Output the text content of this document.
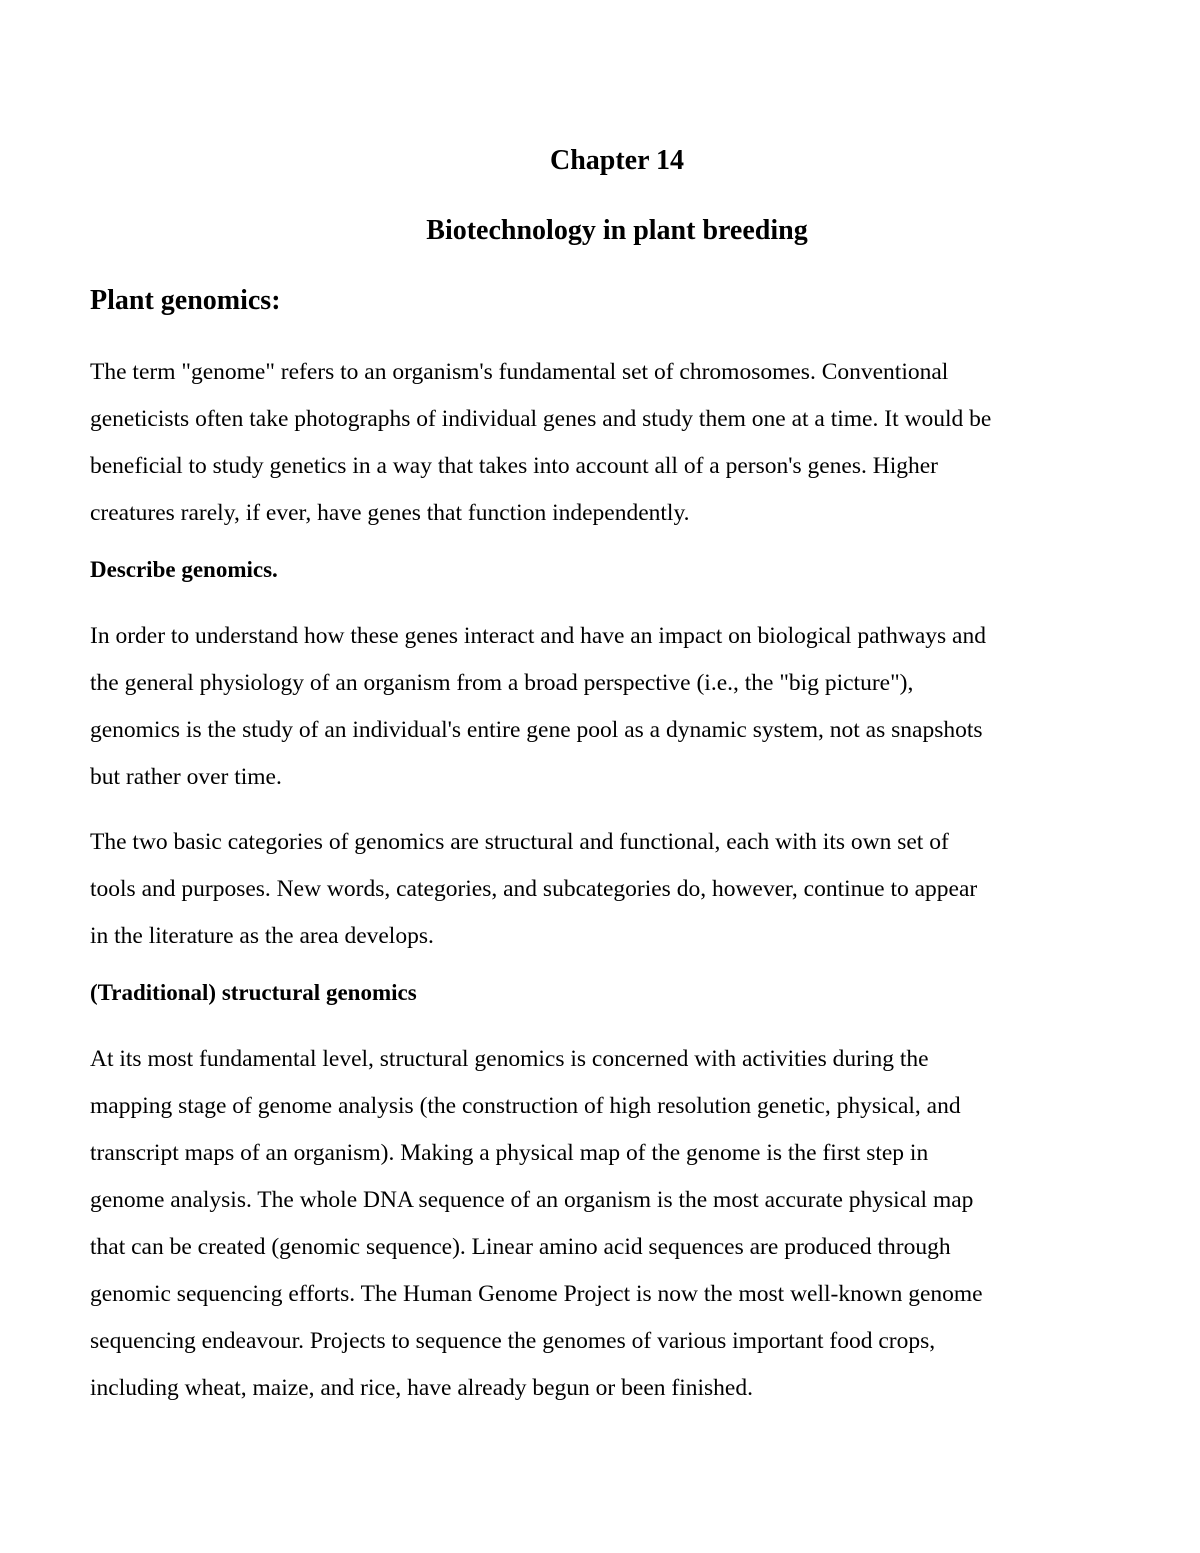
Chapter 14
Biotechnology in plant breeding
Plant genomics:

The term "genome" refers to an organism's fundamental set of chromosomes. Conventional
geneticists often take photographs of individual genes and study them one at a time. It would be
beneficial to study genetics in a way that takes into account all of a person's genes. Higher
creatures rarely, if ever, have genes that function independently.

Describe genomics.

In order to understand how these genes interact and have an impact on biological pathways and
the general physiology of an organism from a broad perspective (i.e., the "big picture"),
genomics is the study of an individual's entire gene pool as a dynamic system, not as snapshots
but rather over time.

The two basic categories of genomics are structural and functional, each with its own set of
tools and purposes. New words, categories, and subcategories do, however, continue to appear
in the literature as the area develops.

(Traditional) structural genomics

At its most fundamental level, structural genomics is concerned with activities during the
mapping stage of genome analysis (the construction of high resolution genetic, physical, and
transcript maps of an organism). Making a physical map of the genome is the first step in
genome analysis. The whole DNA sequence of an organism is the most accurate physical map
that can be created (genomic sequence). Linear amino acid sequences are produced through
genomic sequencing efforts. The Human Genome Project is now the most well-known genome
sequencing endeavour. Projects to sequence the genomes of various important food crops,
including wheat, maize, and rice, have already begun or been finished.
